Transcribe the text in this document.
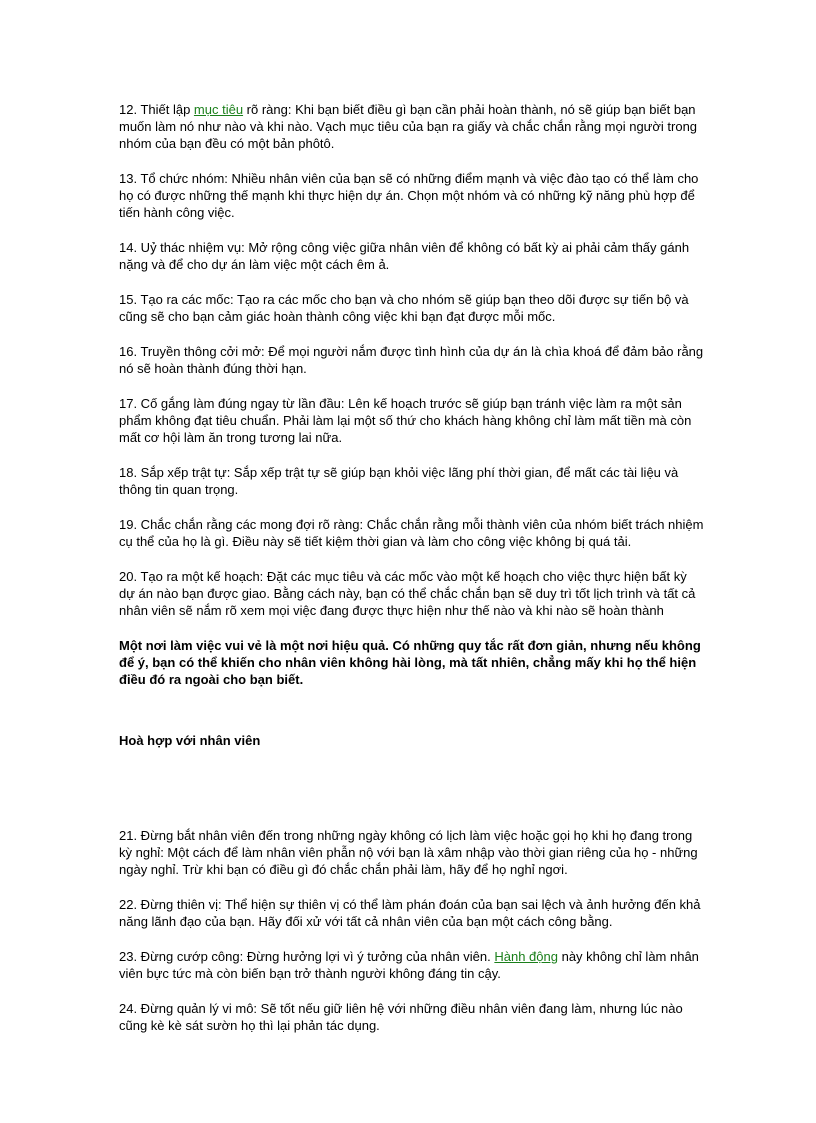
12. Thiết lập mục tiêu rõ ràng: Khi bạn biết điều gì bạn cần phải hoàn thành, nó sẽ giúp bạn biết bạn muốn làm nó như nào và khi nào. Vạch mục tiêu của bạn ra giấy và chắc chắn rằng mọi người trong nhóm của bạn đều có một bản phôtô.

13. Tổ chức nhóm: Nhiều nhân viên của bạn sẽ có những điểm mạnh và việc đào tạo có thể làm cho họ có được những thế mạnh khi thực hiện dự án. Chọn một nhóm và có những kỹ năng phù hợp để tiến hành công việc.

14. Uỷ thác nhiệm vụ: Mở rộng công việc giữa nhân viên để không có bất kỳ ai phải cảm thấy gánh nặng và để cho dự án làm việc một cách êm ả.

15. Tạo ra các mốc: Tạo ra các mốc cho bạn và cho nhóm sẽ giúp bạn theo dõi được sự tiến bộ và cũng sẽ cho bạn cảm giác hoàn thành công việc khi bạn đạt được mỗi mốc.

16. Truyền thông cởi mở: Để mọi người nắm được tình hình của dự án là chìa khoá để đảm bảo rằng nó sẽ hoàn thành đúng thời hạn.

17. Cố gắng làm đúng ngay từ lần đầu: Lên kế hoạch trước sẽ giúp bạn tránh việc làm ra một sản phẩm không đạt tiêu chuẩn. Phải làm lại một số thứ cho khách hàng không chỉ làm mất tiền mà còn mất cơ hội làm ăn trong tương lai nữa.

18. Sắp xếp trật tự: Sắp xếp trật tự sẽ giúp bạn khỏi việc lãng phí thời gian, để mất các tài liệu và thông tin quan trọng.

19. Chắc chắn rằng các mong đợi rõ ràng: Chắc chắn rằng mỗi thành viên của nhóm biết trách nhiệm cụ thể của họ là gì. Điều này sẽ tiết kiệm thời gian và làm cho công việc không bị quá tải.

20. Tạo ra một kế hoạch: Đặt các mục tiêu và các mốc vào một kế hoạch cho việc thực hiện bất kỳ dự án nào bạn được giao. Bằng cách này, bạn có thể chắc chắn bạn sẽ duy trì tốt lịch trình và tất cả nhân viên sẽ nắm rõ xem mọi việc đang được thực hiện như thế nào và khi nào sẽ hoàn thành

Một nơi làm việc vui vẻ là một nơi hiệu quả. Có những quy tắc rất đơn giản, nhưng nếu không để ý, bạn có thể khiến cho nhân viên không hài lòng, mà tất nhiên, chẳng mấy khi họ thể hiện điều đó ra ngoài cho bạn biết.

Hoà hợp với nhân viên

21. Đừng bắt nhân viên đến trong những ngày không có lịch làm việc hoặc gọi họ khi họ đang trong kỳ nghỉ: Một cách để làm nhân viên phẫn nộ với bạn là xâm nhập vào thời gian riêng của họ - những ngày nghỉ. Trừ khi bạn có điều gì đó chắc chắn phải làm, hãy để họ nghỉ ngơi.

22. Đừng thiên vị: Thể hiện sự thiên vị có thể làm phán đoán của bạn sai lệch và ảnh hưởng đến khả năng lãnh đạo của bạn. Hãy đối xử với tất cả nhân viên của bạn một cách công bằng.

23. Đừng cướp công: Đừng hưởng lợi vì ý tưởng của nhân viên. Hành động này không chỉ làm nhân viên bực tức mà còn biến bạn trở thành người không đáng tin cậy.

24. Đừng quản lý vi mô: Sẽ tốt nếu giữ liên hệ với những điều nhân viên đang làm, nhưng lúc nào cũng kè kè sát sườn họ thì lại phản tác dụng.
